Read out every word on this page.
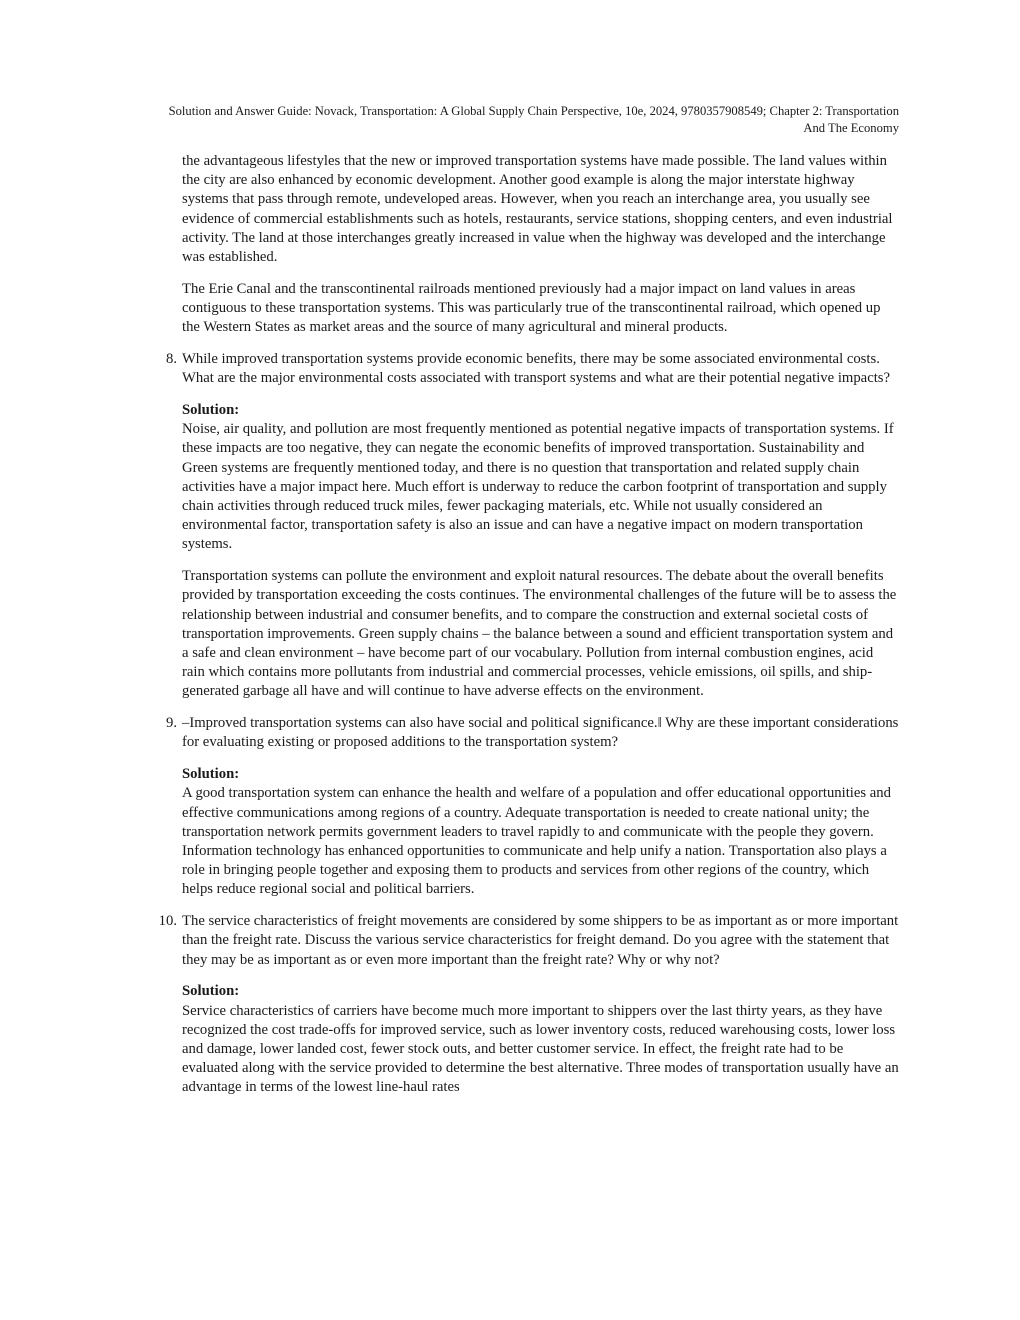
Solution and Answer Guide: Novack, Transportation: A Global Supply Chain Perspective, 10e, 2024, 9780357908549; Chapter 2: Transportation
And The Economy

the advantageous lifestyles that the new or improved transportation systems have made possible. The land values within the city are also enhanced by economic development. Another good example is along the major interstate highway systems that pass through remote, undeveloped areas. However, when you reach an interchange area, you usually see evidence of commercial establishments such as hotels, restaurants, service stations, shopping centers, and even industrial activity. The land at those interchanges greatly increased in value when the highway was developed and the interchange was established.

The Erie Canal and the transcontinental railroads mentioned previously had a major impact on land values in areas contiguous to these transportation systems. This was particularly true of the transcontinental railroad, which opened up the Western States as market areas and the source of many agricultural and mineral products.

8. While improved transportation systems provide economic benefits, there may be some associated environmental costs. What are the major environmental costs associated with transport systems and what are their potential negative impacts?

Solution:

Noise, air quality, and pollution are most frequently mentioned as potential negative impacts of transportation systems. If these impacts are too negative, they can negate the economic benefits of improved transportation. Sustainability and Green systems are frequently mentioned today, and there is no question that transportation and related supply chain activities have a major impact here. Much effort is underway to reduce the carbon footprint of transportation and supply chain activities through reduced truck miles, fewer packaging materials, etc. While not usually considered an environmental factor, transportation safety is also an issue and can have a negative impact on modern transportation systems.

Transportation systems can pollute the environment and exploit natural resources. The debate about the overall benefits provided by transportation exceeding the costs continues. The environmental challenges of the future will be to assess the relationship between industrial and consumer benefits, and to compare the construction and external societal costs of transportation improvements. Green supply chains – the balance between a sound and efficient transportation system and a safe and clean environment – have become part of our vocabulary. Pollution from internal combustion engines, acid rain which contains more pollutants from industrial and commercial processes, vehicle emissions, oil spills, and ship-generated garbage all have and will continue to have adverse effects on the environment.

9. –Improved transportation systems can also have social and political significance.‖ Why are these important considerations for evaluating existing or proposed additions to the transportation system?

Solution:

A good transportation system can enhance the health and welfare of a population and offer educational opportunities and effective communications among regions of a country. Adequate transportation is needed to create national unity; the transportation network permits government leaders to travel rapidly to and communicate with the people they govern. Information technology has enhanced opportunities to communicate and help unify a nation. Transportation also plays a role in bringing people together and exposing them to products and services from other regions of the country, which helps reduce regional social and political barriers.

10. The service characteristics of freight movements are considered by some shippers to be as important as or more important than the freight rate. Discuss the various service characteristics for freight demand. Do you agree with the statement that they may be as important as or even more important than the freight rate? Why or why not?

Solution:

Service characteristics of carriers have become much more important to shippers over the last thirty years, as they have recognized the cost trade-offs for improved service, such as lower inventory costs, reduced warehousing costs, lower loss and damage, lower landed cost, fewer stock outs, and better customer service. In effect, the freight rate had to be evaluated along with the service provided to determine the best alternative. Three modes of transportation usually have an advantage in terms of the lowest line-haul rates
